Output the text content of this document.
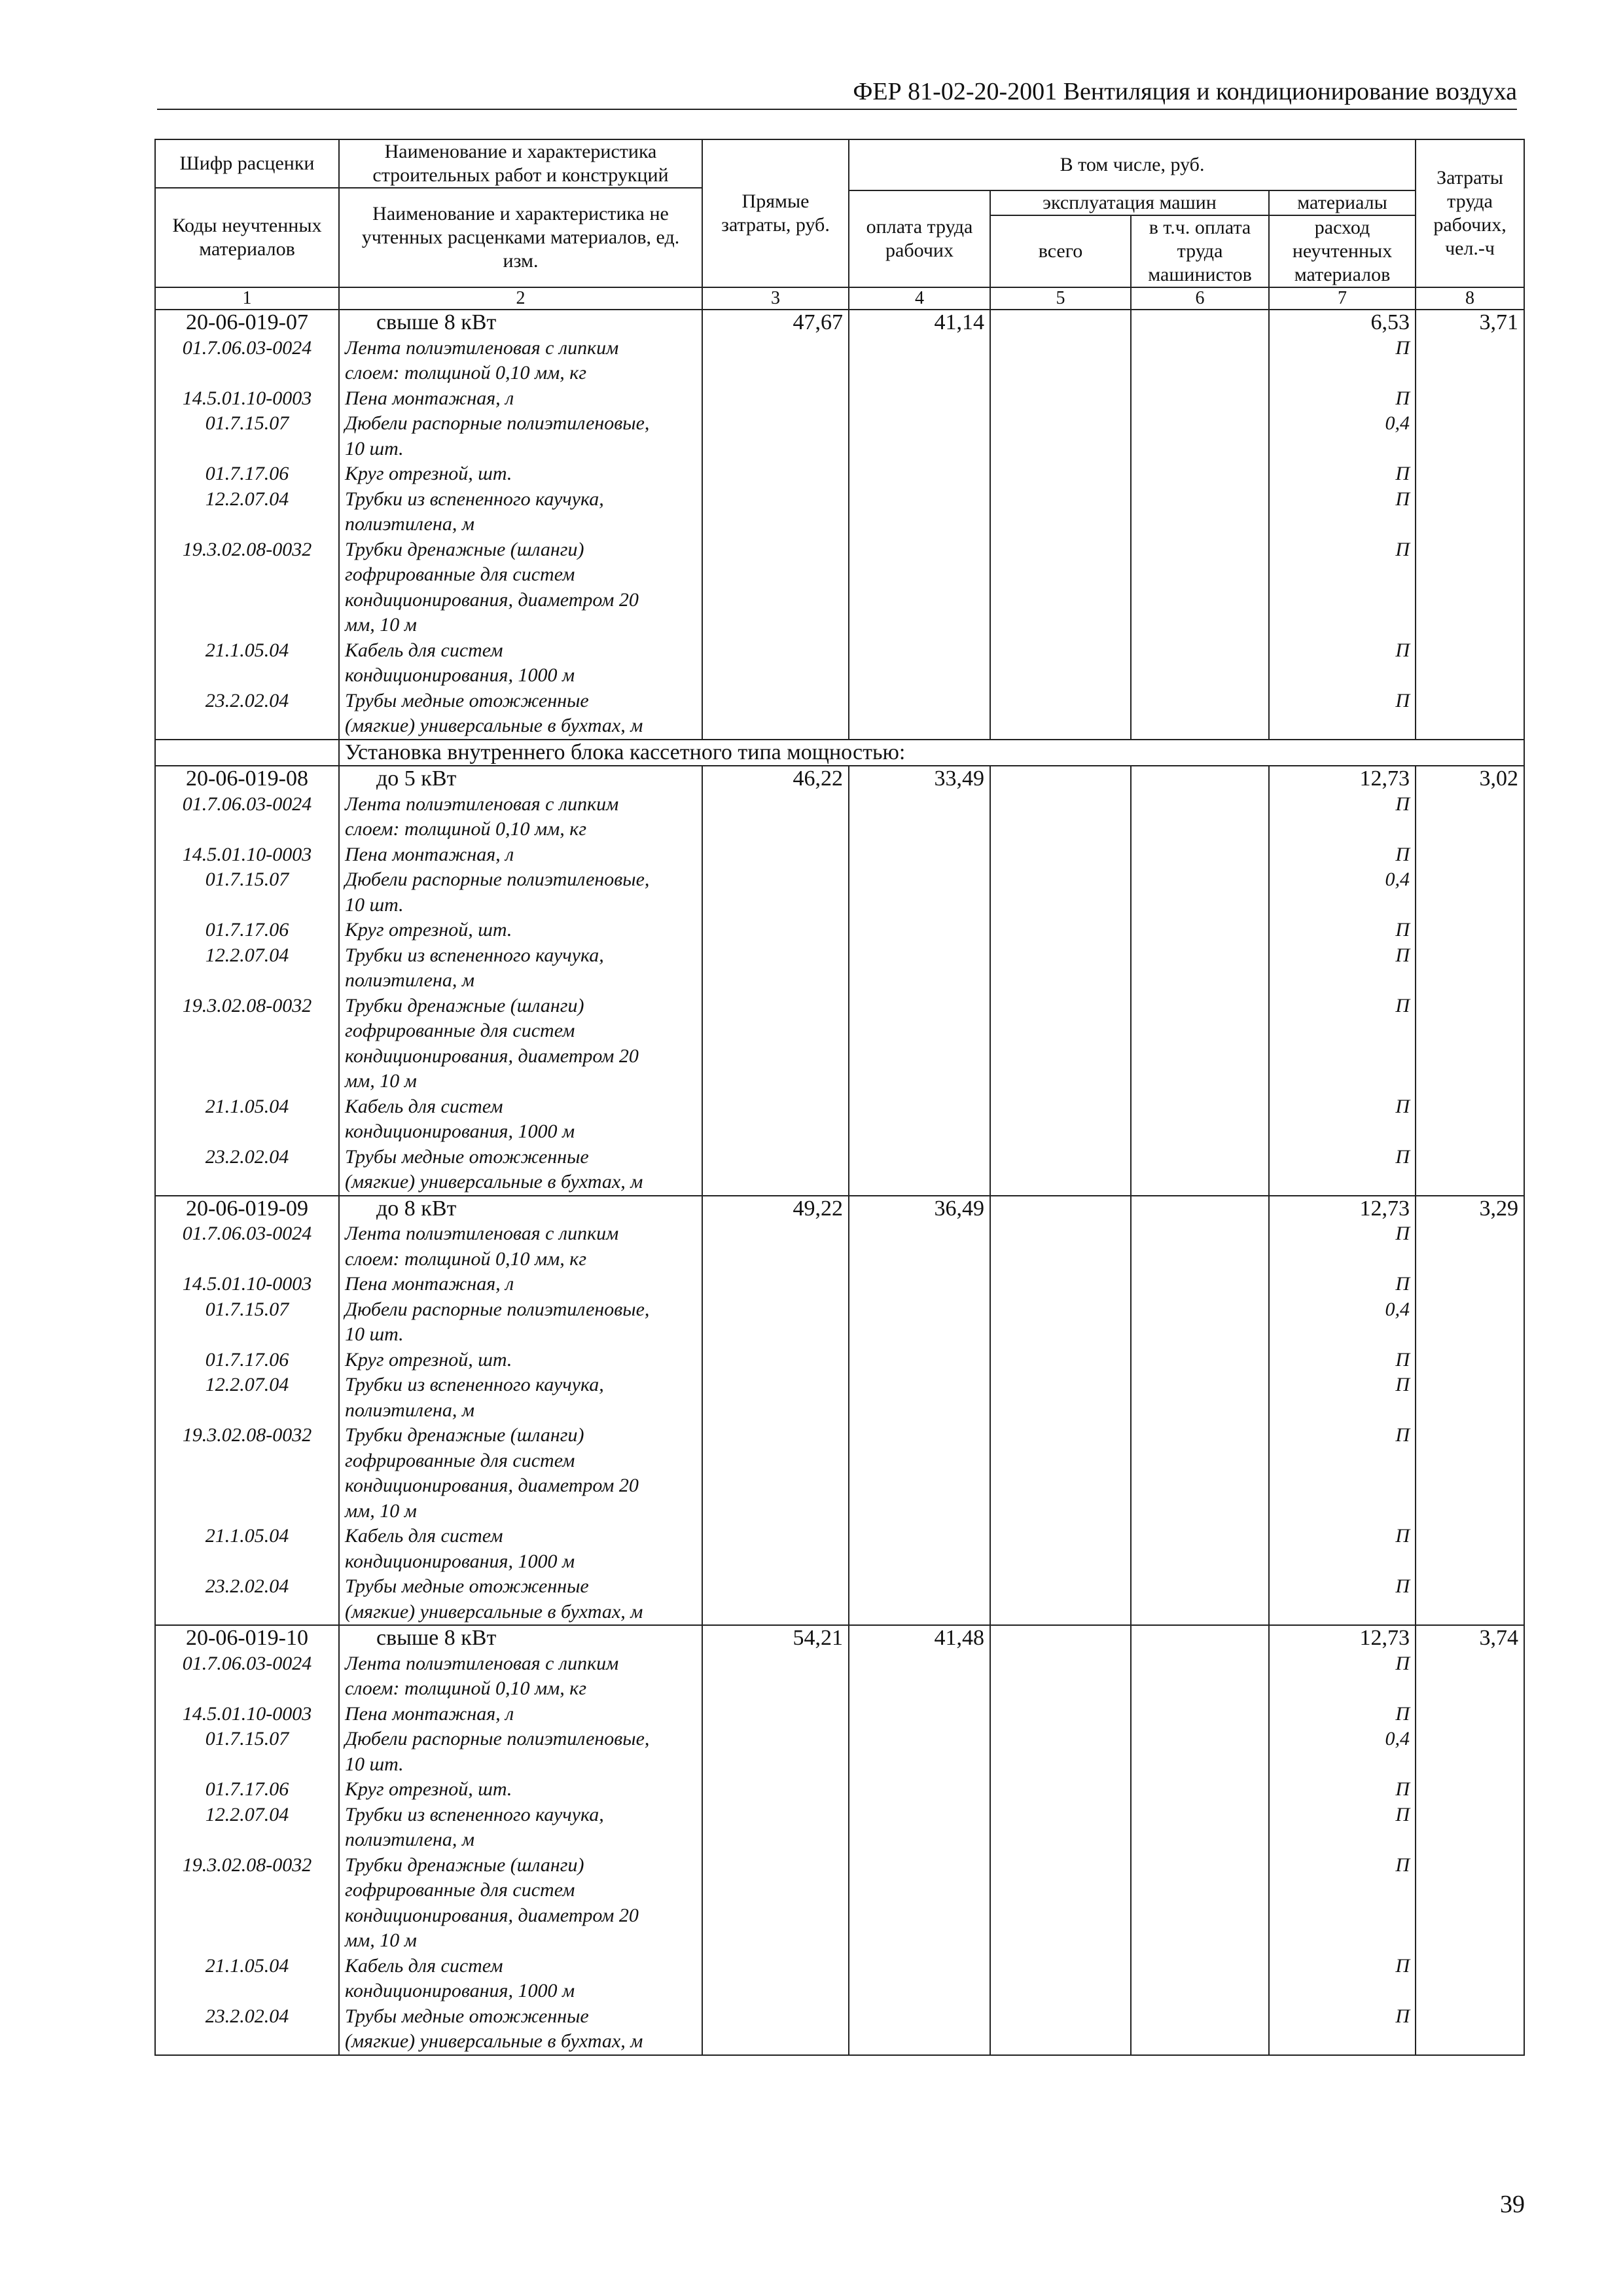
ФЕР 81-02-20-2001 Вентиляция и кондиционирование воздуха
Шифр расценки	Наименование и характеристика строительных работ и конструкций	Прямые затраты, руб.	В том числе, руб.				Затраты труда рабочих, чел.-ч
Коды неучтенных материалов	Наименование и характеристика не учтенных расценками материалов, ед. изм.						
			оплата труда рабочих	эксплуатация машин		материалы	
				всего	в т.ч. оплата труда машинистов	расход неучтенных материалов	
1	2	3	4	5	6	7	8
20-06-019-07	свыше 8 кВт	47,67	41,14			6,53	3,71
01.7.06.03-0024	Лента полиэтиленовая с липким					П	
	слоем: толщиной 0,10 мм, кг						
14.5.01.10-0003	Пена монтажная, л					П	
01.7.15.07	Дюбели распорные полиэтиленовые,					0,4	
	10 шт.						
01.7.17.06	Круг отрезной, шт.					П	
12.2.07.04	Трубки из вспененного каучука,					П	
	полиэтилена, м						
19.3.02.08-0032	Трубки дренажные (шланги)					П	
	гофрированные для систем						
	кондиционирования, диаметром 20						
	мм, 10 м						
21.1.05.04	Кабель для систем					П	
	кондиционирования, 1000 м						
23.2.02.04	Трубы медные отожженные					П	
	(мягкие) универсальные в бухтах, м						
	Установка внутреннего блока кассетного типа мощностью:						
20-06-019-08	до 5 кВт	46,22	33,49			12,73	3,02
01.7.06.03-0024	Лента полиэтиленовая с липким					П	
	слоем: толщиной 0,10 мм, кг						
14.5.01.10-0003	Пена монтажная, л					П	
01.7.15.07	Дюбели распорные полиэтиленовые,					0,4	
	10 шт.						
01.7.17.06	Круг отрезной, шт.					П	
12.2.07.04	Трубки из вспененного каучука,					П	
	полиэтилена, м						
19.3.02.08-0032	Трубки дренажные (шланги)					П	
	гофрированные для систем						
	кондиционирования, диаметром 20						
	мм, 10 м						
21.1.05.04	Кабель для систем					П	
	кондиционирования, 1000 м						
23.2.02.04	Трубы медные отожженные					П	
	(мягкие) универсальные в бухтах, м						
20-06-019-09	до 8 кВт	49,22	36,49			12,73	3,29
01.7.06.03-0024	Лента полиэтиленовая с липким					П	
	слоем: толщиной 0,10 мм, кг						
14.5.01.10-0003	Пена монтажная, л					П	
01.7.15.07	Дюбели распорные полиэтиленовые,					0,4	
	10 шт.						
01.7.17.06	Круг отрезной, шт.					П	
12.2.07.04	Трубки из вспененного каучука,					П	
	полиэтилена, м						
19.3.02.08-0032	Трубки дренажные (шланги)					П	
	гофрированные для систем						
	кондиционирования, диаметром 20						
	мм, 10 м						
21.1.05.04	Кабель для систем					П	
	кондиционирования, 1000 м						
23.2.02.04	Трубы медные отожженные					П	
	(мягкие) универсальные в бухтах, м						
20-06-019-10	свыше 8 кВт	54,21	41,48			12,73	3,74
01.7.06.03-0024	Лента полиэтиленовая с липким					П	
	слоем: толщиной 0,10 мм, кг						
14.5.01.10-0003	Пена монтажная, л					П	
01.7.15.07	Дюбели распорные полиэтиленовые,					0,4	
	10 шт.						
01.7.17.06	Круг отрезной, шт.					П	
12.2.07.04	Трубки из вспененного каучука,					П	
	полиэтилена, м						
19.3.02.08-0032	Трубки дренажные (шланги)					П	
	гофрированные для систем						
	кондиционирования, диаметром 20						
	мм, 10 м						
21.1.05.04	Кабель для систем					П	
	кондиционирования, 1000 м						
23.2.02.04	Трубы медные отожженные					П	
	(мягкие) универсальные в бухтах, м						
39
